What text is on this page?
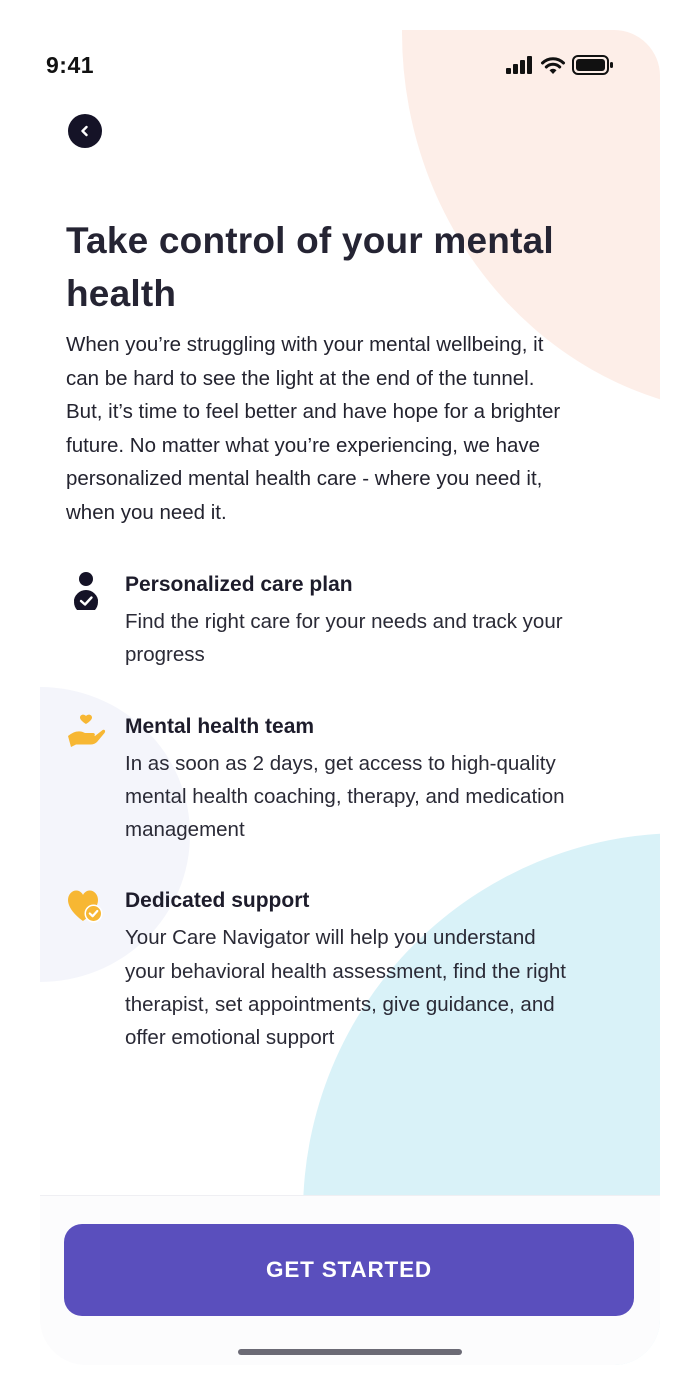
9:41
Take control of your mental
health

When you’re struggling with your mental wellbeing, it
can be hard to see the light at the end of the tunnel.
But, it’s time to feel better and have hope for a brighter
future. No matter what you’re experiencing, we have
personalized mental health care - where you need it,
when you need it.

Personalized care plan
Find the right care for your needs and track your
progress
Mental health team
In as soon as 2 days, get access to high-quality
mental health coaching, therapy, and medication
management
Dedicated support
Your Care Navigator will help you understand
your behavioral health assessment, find the right
therapist, set appointments, give guidance, and
offer emotional support
GET STARTED
